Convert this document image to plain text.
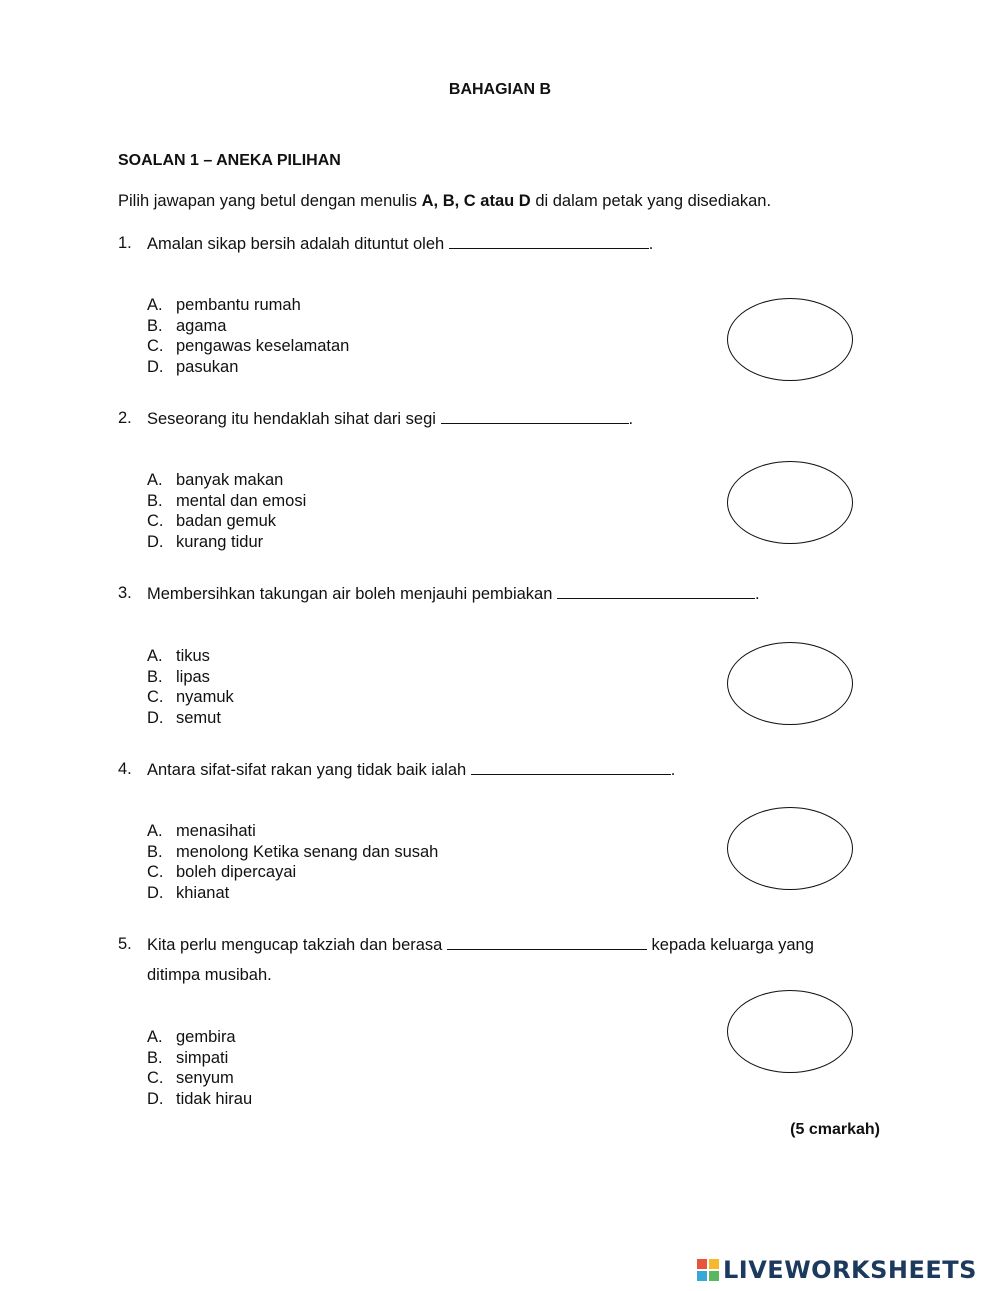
BAHAGIAN B
SOALAN 1 – ANEKA PILIHAN
Pilih jawapan yang betul dengan menulis A, B, C atau D di dalam petak yang disediakan.
1. Amalan sikap bersih adalah dituntut oleh	.
A. pembantu rumah
B. agama
C. pengawas keselamatan
D. pasukan
2. Seseorang itu hendaklah sihat dari segi	.
A. banyak makan
B. mental dan emosi
C. badan gemuk
D. kurang tidur
3. Membersihkan takungan air boleh menjauhi pembiakan	.
A. tikus
B. lipas
C. nyamuk
D. semut
4. Antara sifat-sifat rakan yang tidak baik ialah	.
A. menasihati
B. menolong Ketika senang dan susah
C. boleh dipercayai
D. khianat
5. Kita perlu mengucap takziah dan berasa	kepada keluarga yang
ditimpa musibah.
A. gembira
B. simpati
C. senyum
D. tidak hirau
(5 cmarkah)
LIVEWORKSHEETS
